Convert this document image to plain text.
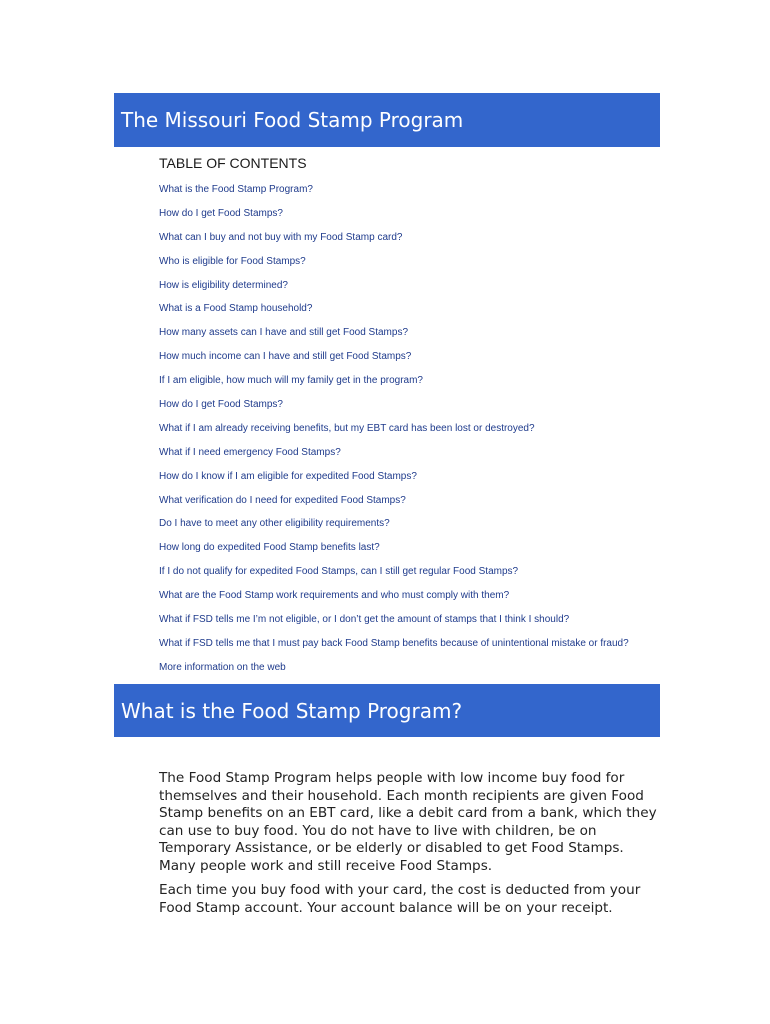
The Missouri Food Stamp Program
TABLE OF CONTENTS
What is the Food Stamp Program?
How do I get Food Stamps?
What can I buy and not buy with my Food Stamp card?
Who is eligible for Food Stamps?
How is eligibility determined?
What is a Food Stamp household?
How many assets can I have and still get Food Stamps?
How much income can I have and still get Food Stamps?
If I am eligible, how much will my family get in the program?
How do I get Food Stamps?
What if I am already receiving benefits, but my EBT card has been lost or destroyed?
What if I need emergency Food Stamps?
How do I know if I am eligible for expedited Food Stamps?
What verification do I need for expedited Food Stamps?
Do I have to meet any other eligibility requirements?
How long do expedited Food Stamp benefits last?
If I do not qualify for expedited Food Stamps, can I still get regular Food Stamps?
What are the Food Stamp work requirements and who must comply with them?
What if FSD tells me I’m not eligible, or I don’t get the amount of stamps that I think I should?
What if FSD tells me that I must pay back Food Stamp benefits because of unintentional mistake or fraud?
More information on the web
What is the Food Stamp Program?

The Food Stamp Program helps people with low income buy food for themselves and their household. Each month recipients are given Food Stamp benefits on an EBT card, like a debit card from a bank, which they can use to buy food. You do not have to live with children, be on Temporary Assistance, or be elderly or disabled to get Food Stamps. Many people work and still receive Food Stamps.

Each time you buy food with your card, the cost is deducted from your Food Stamp account. Your account balance will be on your receipt.
